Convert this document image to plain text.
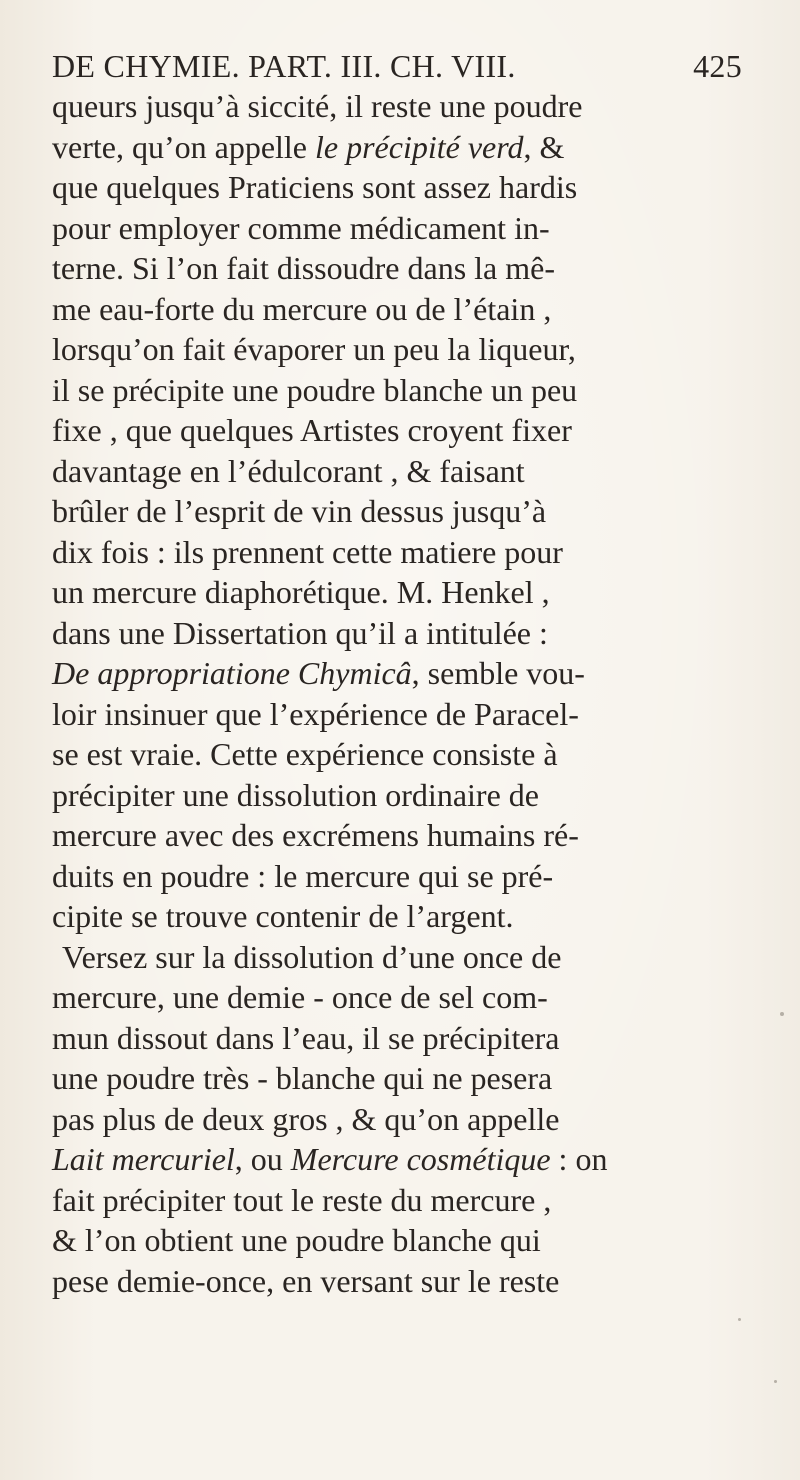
DE CHYMIE. PART. III. CH. VIII.	425
queurs jusqu’à siccité, il reste une poudre
verte, qu’on appelle le précipité verd, &
que quelques Praticiens sont assez hardis
pour employer comme médicament in-
terne. Si l’on fait dissoudre dans la mê-
me eau-forte du mercure ou de l’étain ,
lorsqu’on fait évaporer un peu la liqueur,
il se précipite une poudre blanche un peu
fixe , que quelques Artistes croyent fixer
davantage en l’édulcorant , & faisant
brûler de l’esprit de vin dessus jusqu’à
dix fois : ils prennent cette matiere pour
un mercure diaphorétique. M. Henkel ,
dans une Dissertation qu’il a intitulée :
De appropriatione Chymicâ, semble vou-
loir insinuer que l’expérience de Paracel-
se est vraie. Cette expérience consiste à
précipiter une dissolution ordinaire de
mercure avec des excrémens humains ré-
duits en poudre : le mercure qui se pré-
cipite se trouve contenir de l’argent.
Versez sur la dissolution d’une once de
mercure, une demie - once de sel com-
mun dissout dans l’eau, il se précipitera
une poudre très - blanche qui ne pesera
pas plus de deux gros , & qu’on appelle
Lait mercuriel, ou Mercure cosmétique : on
fait précipiter tout le reste du mercure ,
& l’on obtient une poudre blanche qui
pese demie-once, en versant sur le reste
